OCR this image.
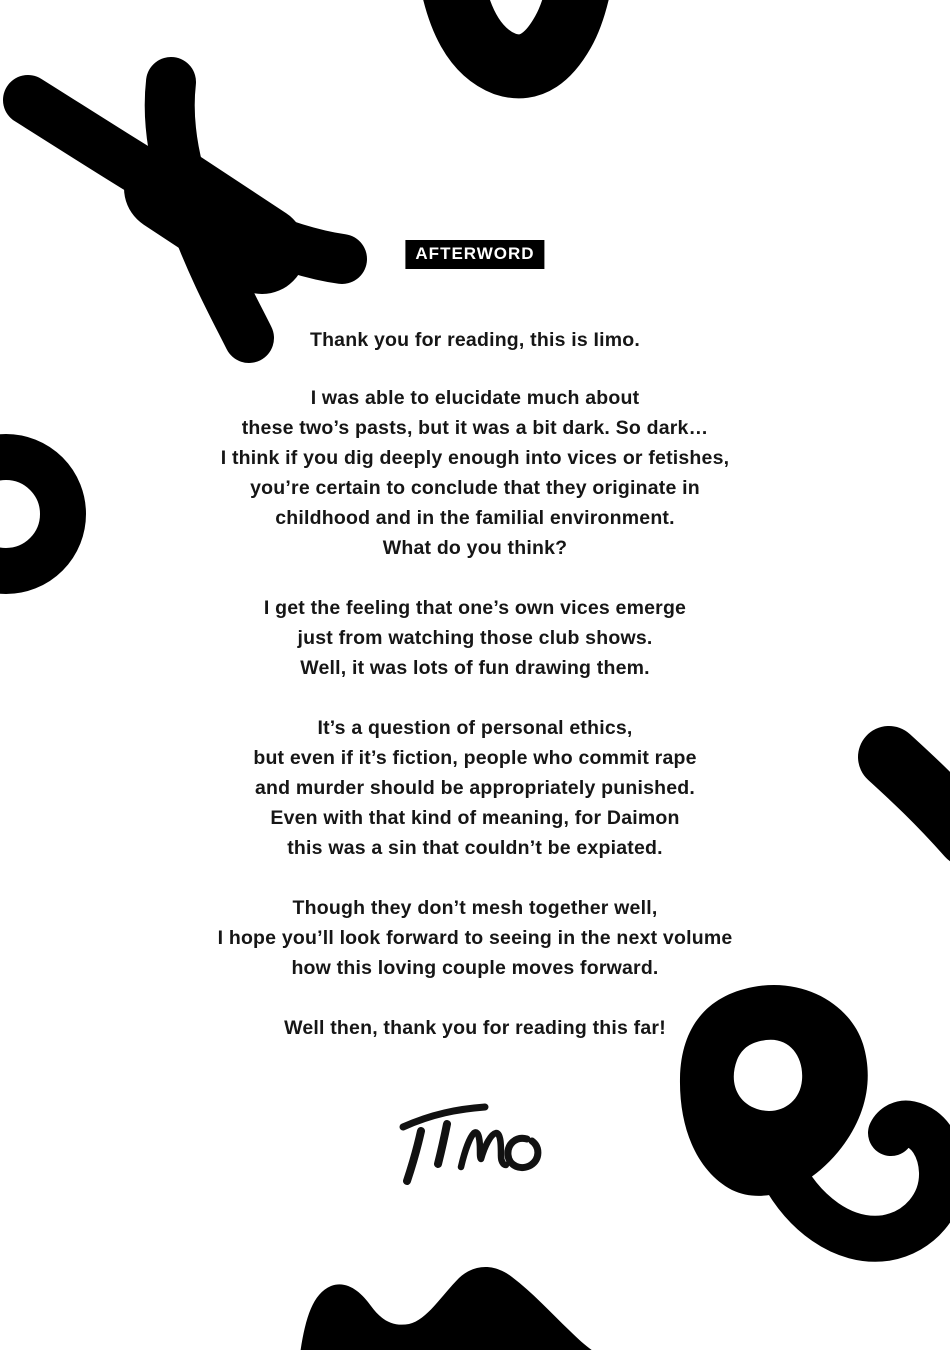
AFTERWORD
Thank you for reading, this is Iimo.
I was able to elucidate much about
these two’s pasts, but it was a bit dark. So dark…
I think if you dig deeply enough into vices or fetishes,
you’re certain to conclude that they originate in
childhood and in the familial environment.
What do you think?
I get the feeling that one’s own vices emerge
just from watching those club shows.
Well, it was lots of fun drawing them.
It’s a question of personal ethics,
but even if it’s fiction, people who commit rape
and murder should be appropriately punished.
Even with that kind of meaning, for Daimon
this was a sin that couldn’t be expiated.
Though they don’t mesh together well,
I hope you’ll look forward to seeing in the next volume
how this loving couple moves forward.
Well then, thank you for reading this far!
